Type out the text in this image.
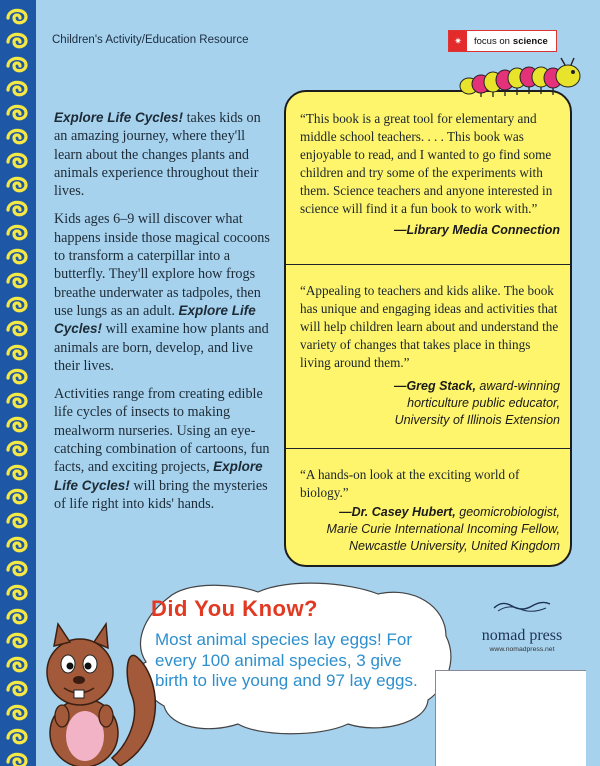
Children's Activity/Education Resource	✷	focus on science

Explore Life Cycles! takes kids on an amazing journey, where they'll learn about the changes plants and animals experience throughout their lives.

Kids ages 6–9 will discover what happens inside those magical cocoons to transform a caterpillar into a butterfly. They'll explore how frogs breathe underwater as tadpoles, then use lungs as an adult. Explore Life Cycles! will examine how plants and animals are born, develop, and live their lives.

Activities range from creating edible life cycles of insects to making mealworm nurseries. Using an eye-catching combination of cartoons, fun facts, and exciting projects, Explore Life Cycles! will bring the mysteries of life right into kids' hands.

“This book is a great tool for elementary and middle school teachers. . . . This book was enjoyable to read, and I wanted to go find some children and try some of the experiments with them. Science teachers and anyone interested in science will find it a fun book to work with.”
—Library Media Connection
“Appealing to teachers and kids alike. The book has unique and engaging ideas and activities that will help children learn about and understand the variety of changes that takes place in things living around them.”
—Greg Stack, award-winning horticulture public educator, University of Illinois Extension
“A hands-on look at the exciting world of biology.”
—Dr. Casey Hubert, geomicrobiologist, Marie Curie International Incoming Fellow, Newcastle University, United Kingdom
Did You Know?
Most animal species lay eggs! For every 100 animal species, 3 give birth to live young and 97 lay eggs.
nomad press
www.nomadpress.net
